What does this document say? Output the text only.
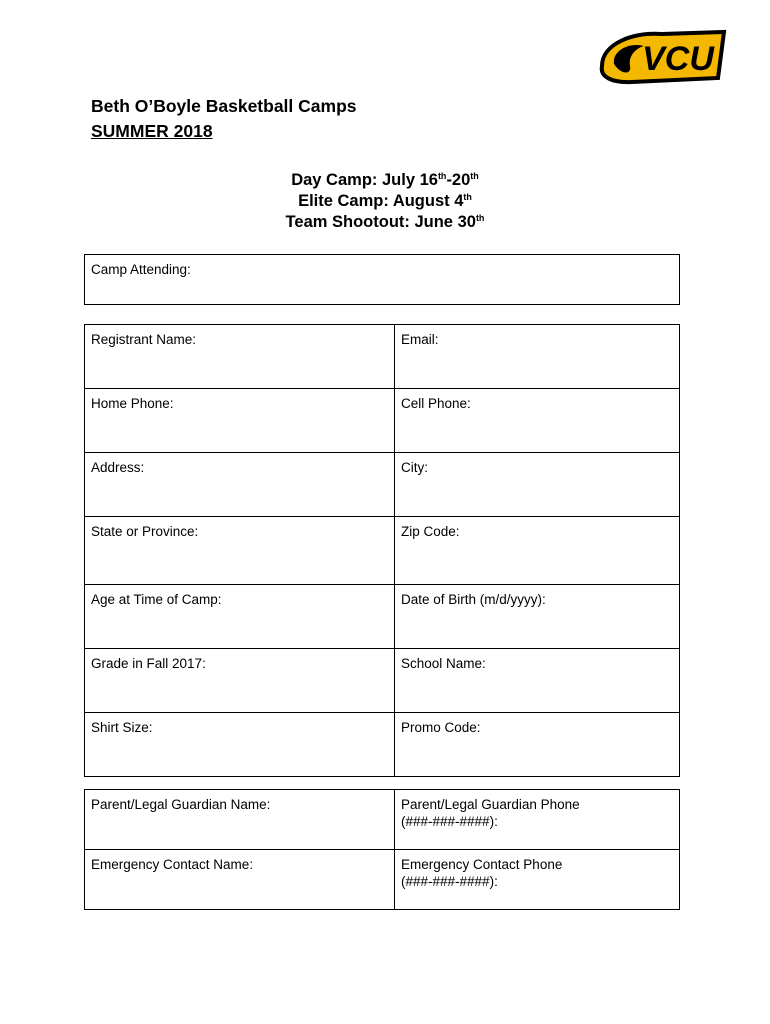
VCU
Beth O’Boyle Basketball Camps
SUMMER 2018
Day Camp: July 16th-20th
Elite Camp: August 4th
Team Shootout: June 30th
Camp Attending:
Registrant Name:	Email:
Home Phone:	Cell Phone:
Address:	City:
State or Province:	Zip Code:
Age at Time of Camp:	Date of Birth (m/d/yyyy):
Grade in Fall 2017:	School Name:
Shirt Size:	Promo Code:
Parent/Legal Guardian Name:	Parent/Legal Guardian Phone
(###-###-####):

Emergency Contact Name:	Emergency Contact Phone
(###-###-####):
